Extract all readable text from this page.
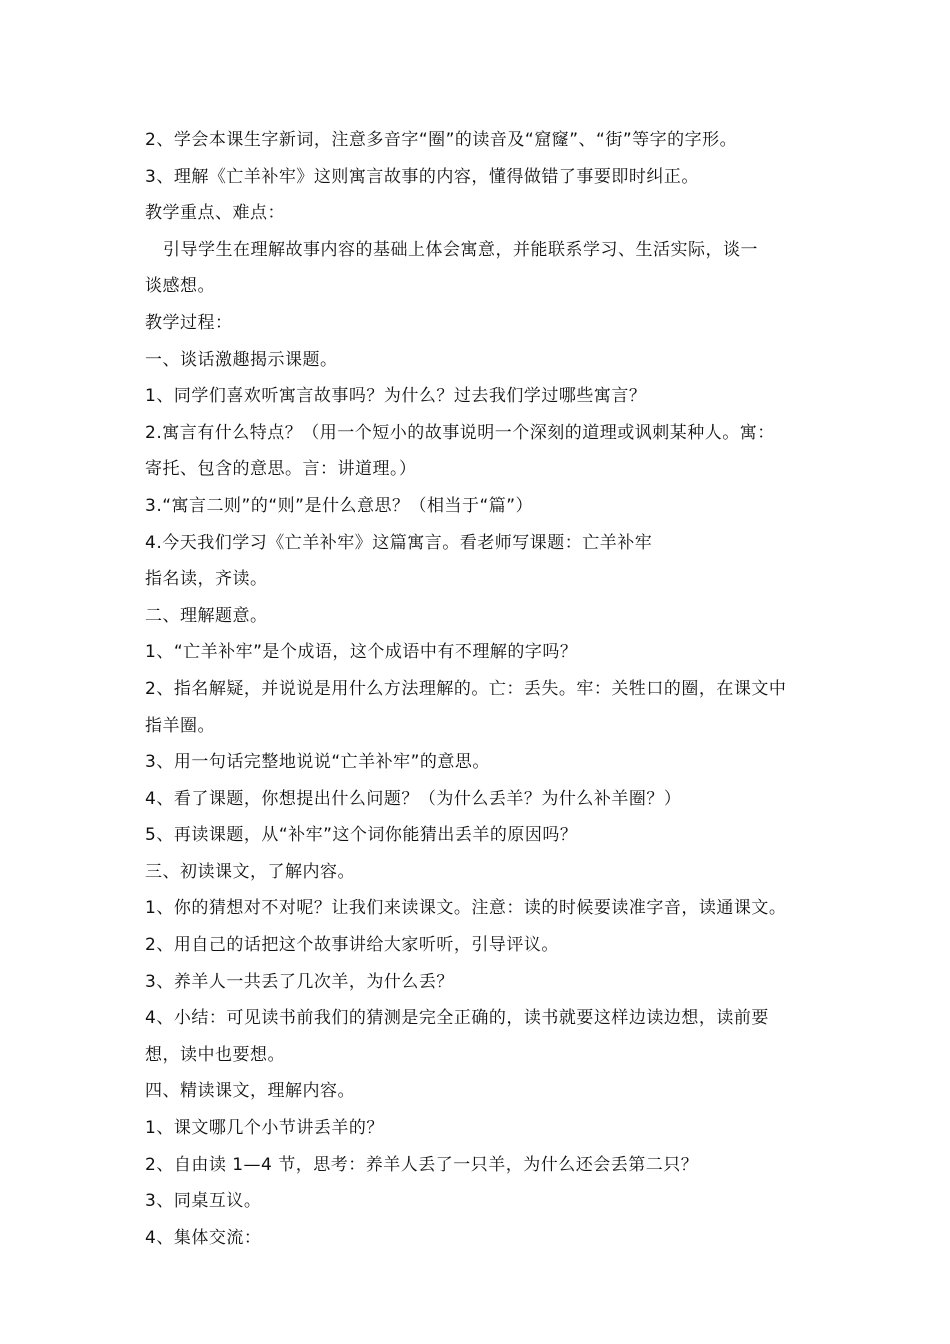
2、学会本课生字新词，注意多音字“圈”的读音及“窟窿”、“街”等字的字形。
3、理解《亡羊补牢》这则寓言故事的内容，懂得做错了事要即时纠正。
教学重点、难点：
引导学生在理解故事内容的基础上体会寓意，并能联系学习、生活实际，谈一
谈感想。
教学过程：
一、谈话激趣揭示课题。
1、同学们喜欢听寓言故事吗？为什么？过去我们学过哪些寓言？
2.寓言有什么特点？（用一个短小的故事说明一个深刻的道理或讽刺某种人。寓：
寄托、包含的意思。言：讲道理。）
3.“寓言二则”的“则”是什么意思？（相当于“篇”）
4.今天我们学习《亡羊补牢》这篇寓言。看老师写课题：亡羊补牢
指名读，齐读。
二、理解题意。
1、“亡羊补牢”是个成语，这个成语中有不理解的字吗？
2、指名解疑，并说说是用什么方法理解的。亡：丢失。牢：关牲口的圈，在课文中
指羊圈。
3、用一句话完整地说说“亡羊补牢”的意思。
4、看了课题，你想提出什么问题？（为什么丢羊？为什么补羊圈？）
5、再读课题，从“补牢”这个词你能猜出丢羊的原因吗？
三、初读课文，了解内容。
1、你的猜想对不对呢？让我们来读课文。注意：读的时候要读准字音，读通课文。
2、用自己的话把这个故事讲给大家听听，引导评议。
3、养羊人一共丢了几次羊，为什么丢？
4、小结：可见读书前我们的猜测是完全正确的，读书就要这样边读边想，读前要
想，读中也要想。
四、精读课文，理解内容。
1、课文哪几个小节讲丢羊的？
2、自由读 1—4 节，思考：养羊人丢了一只羊，为什么还会丢第二只？
3、同桌互议。
4、集体交流：
